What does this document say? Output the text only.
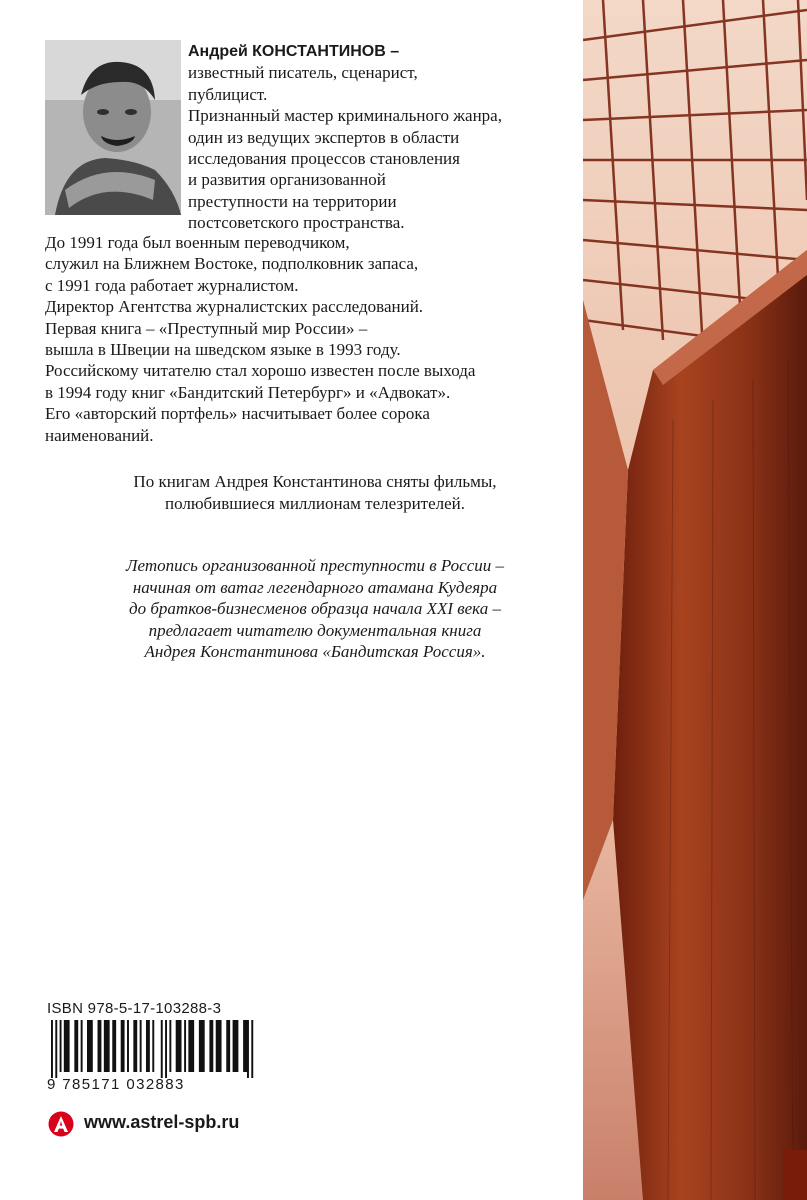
Андрей КОНСТАНТИНОВ –
известный писатель, сценарист,
публицист.
Признанный мастер криминального жанра,
один из ведущих экспертов в области
исследования процессов становления
и развития организованной
преступности на территории
постсоветского пространства.
До 1991 года был военным переводчиком,
служил на Ближнем Востоке, подполковник запаса,
с 1991 года работает журналистом.
Директор Агентства журналистских расследований.
Первая книга – «Преступный мир России» –
вышла в Швеции на шведском языке в 1993 году.
Российскому читателю стал хорошо известен после выхода
в 1994 году книг «Бандитский Петербург» и «Адвокат».
Его «авторский портфель» насчитывает более сорока
наименований.
По книгам Андрея Константинова сняты фильмы,
полюбившиеся миллионам телезрителей.
Летопись организованной преступности в России –
начиная от ватаг легендарного атамана Кудеяра
до братков-бизнесменов образца начала XXI века –
предлагает читателю документальная книга
Андрея Константинова «Бандитская Россия».
ISBN 978-5-17-103288-3
9 785171 032883
www.astrel-spb.ru
